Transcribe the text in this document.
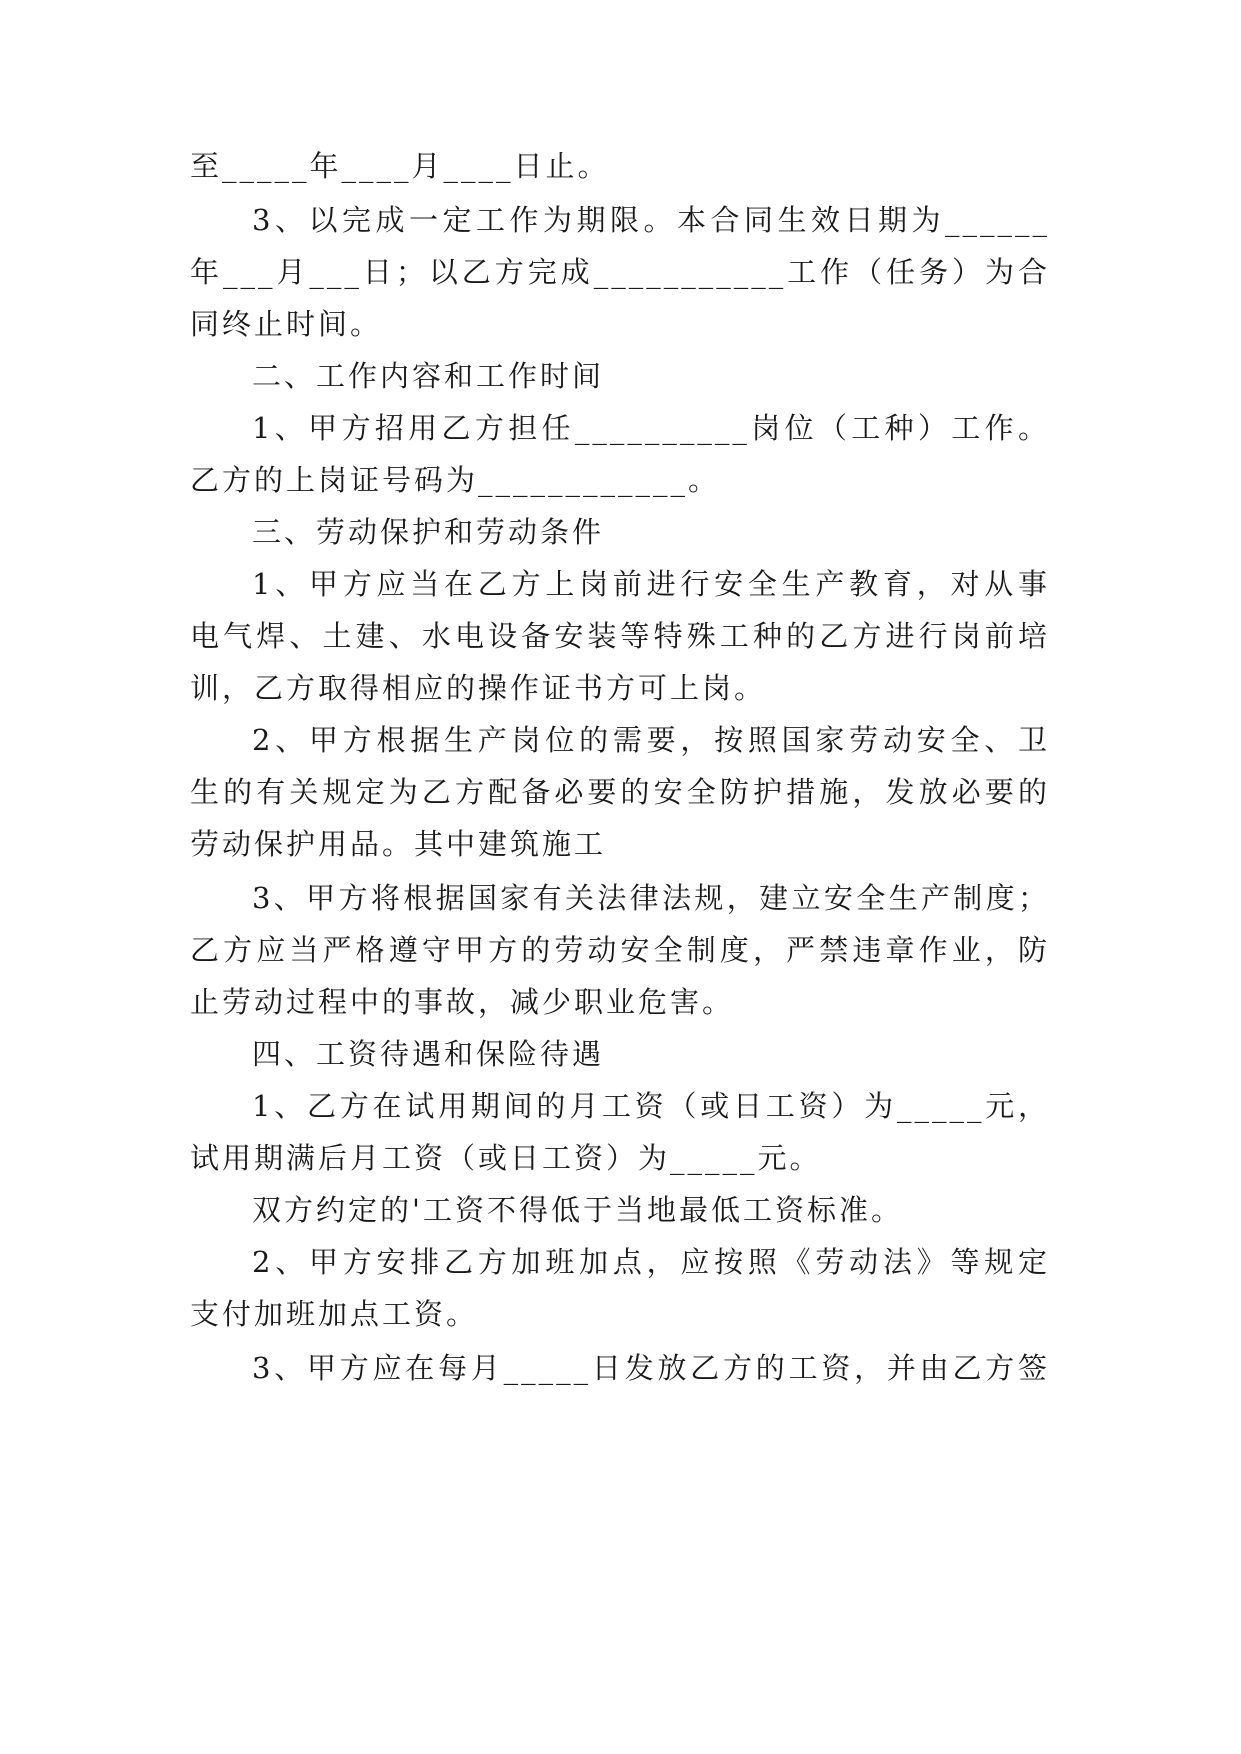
至_____年____月____日止。
3、以完成一定工作为期限。本合同生效日期为______
年___月___日；以乙方完成___________工作（任务）为合
同终止时间。
二、工作内容和工作时间
1、甲方招用乙方担任__________岗位（工种）工作。
乙方的上岗证号码为____________。
三、劳动保护和劳动条件
1、甲方应当在乙方上岗前进行安全生产教育，对从事
电气焊、土建、水电设备安装等特殊工种的乙方进行岗前培
训，乙方取得相应的操作证书方可上岗。
2、甲方根据生产岗位的需要，按照国家劳动安全、卫
生的有关规定为乙方配备必要的安全防护措施，发放必要的
劳动保护用品。其中建筑施工
3、甲方将根据国家有关法律法规，建立安全生产制度；
乙方应当严格遵守甲方的劳动安全制度，严禁违章作业，防
止劳动过程中的事故，减少职业危害。
四、工资待遇和保险待遇
1、乙方在试用期间的月工资（或日工资）为_____元，
试用期满后月工资（或日工资）为_____元。
双方约定的'工资不得低于当地最低工资标准。
2、甲方安排乙方加班加点，应按照《劳动法》等规定
支付加班加点工资。
3、甲方应在每月_____日发放乙方的工资，并由乙方签
